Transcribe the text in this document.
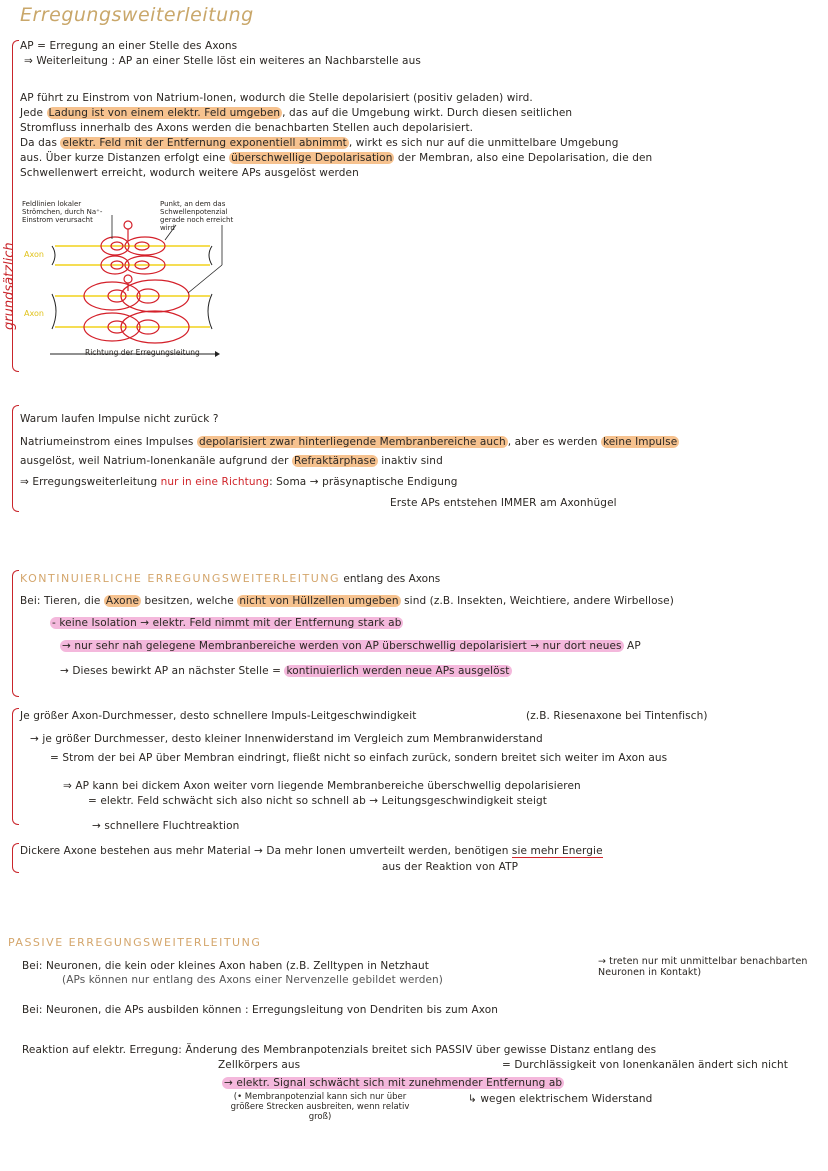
Erregungsweiterleitung
AP = Erregung an einer Stelle des Axons
⇒ Weiterleitung : AP an einer Stelle löst ein weiteres an Nachbarstelle aus
AP führt zu Einstrom von Natrium-Ionen, wodurch die Stelle depolarisiert (positiv geladen) wird.
Jede Ladung ist von einem elektr. Feld umgeben , das auf die Umgebung wirkt. Durch diesen seitlichen
Stromfluss innerhalb des Axons werden die benachbarten Stellen auch depolarisiert.
Da das elektr. Feld mit der Entfernung exponentiell abnimmt , wirkt es sich nur auf die unmittelbare Umgebung
aus. Über kurze Distanzen erfolgt eine überschwellige Depolarisation der Membran, also eine Depolarisation, die den
Schwellenwert erreicht, wodurch weitere APs ausgelöst werden
grundsätzlich
Feldlinien lokaler Strömchen, durch Na⁺-Einstrom verursacht
Punkt, an dem das Schwellenpotenzial gerade noch erreicht wird
Axon
Axon
Richtung der Erregungsleitung
Warum laufen Impulse nicht zurück ?
Natriumeinstrom eines Impulses depolarisiert zwar hinterliegende Membranbereiche auch , aber es werden keine Impulse
ausgelöst, weil Natrium-Ionenkanäle aufgrund der Refraktärphase inaktiv sind
⇒ Erregungsweiterleitung nur in eine Richtung: Soma → präsynaptische Endigung
Erste APs entstehen IMMER am Axonhügel
KONTINUIERLICHE ERREGUNGSWEITERLEITUNG entlang des Axons
Bei: Tieren, die Axone besitzen, welche nicht von Hüllzellen umgeben sind (z.B. Insekten, Weichtiere, andere Wirbellose)
- keine Isolation → elektr. Feld nimmt mit der Entfernung stark ab
→ nur sehr nah gelegene Membranbereiche werden von AP überschwellig depolarisiert → nur dort neues AP
→ Dieses bewirkt AP an nächster Stelle = kontinuierlich werden neue APs ausgelöst
Je größer Axon-Durchmesser, desto schnellere Impuls-Leitgeschwindigkeit	(z.B. Riesenaxone bei Tintenfisch)
→ je größer Durchmesser, desto kleiner Innenwiderstand im Vergleich zum Membranwiderstand
= Strom der bei AP über Membran eindringt, fließt nicht so einfach zurück, sondern breitet sich weiter im Axon aus
⇒ AP kann bei dickem Axon weiter vorn liegende Membranbereiche überschwellig depolarisieren
= elektr. Feld schwächt sich also nicht so schnell ab → Leitungsgeschwindigkeit steigt
→ schnellere Fluchtreaktion
Dickere Axone bestehen aus mehr Material → Da mehr Ionen umverteilt werden, benötigen sie mehr Energie
aus der Reaktion von ATP
PASSIVE ERREGUNGSWEITERLEITUNG
Bei: Neuronen, die kein oder kleines Axon haben (z.B. Zelltypen in Netzhaut	→ treten nur mit unmittelbar benachbarten Neuronen in Kontakt)
(APs können nur entlang des Axons einer Nervenzelle gebildet werden)
Bei: Neuronen, die APs ausbilden können : Erregungsleitung von Dendriten bis zum Axon
Reaktion auf elektr. Erregung: Änderung des Membranpotenzials breitet sich PASSIV über gewisse Distanz entlang des
Zellkörpers aus	= Durchlässigkeit von Ionenkanälen ändert sich nicht
→ elektr. Signal schwächt sich mit zunehmender Entfernung ab
(• Membranpotenzial kann sich nur über größere Strecken ausbreiten, wenn relativ groß)
↳ wegen elektrischem Widerstand
